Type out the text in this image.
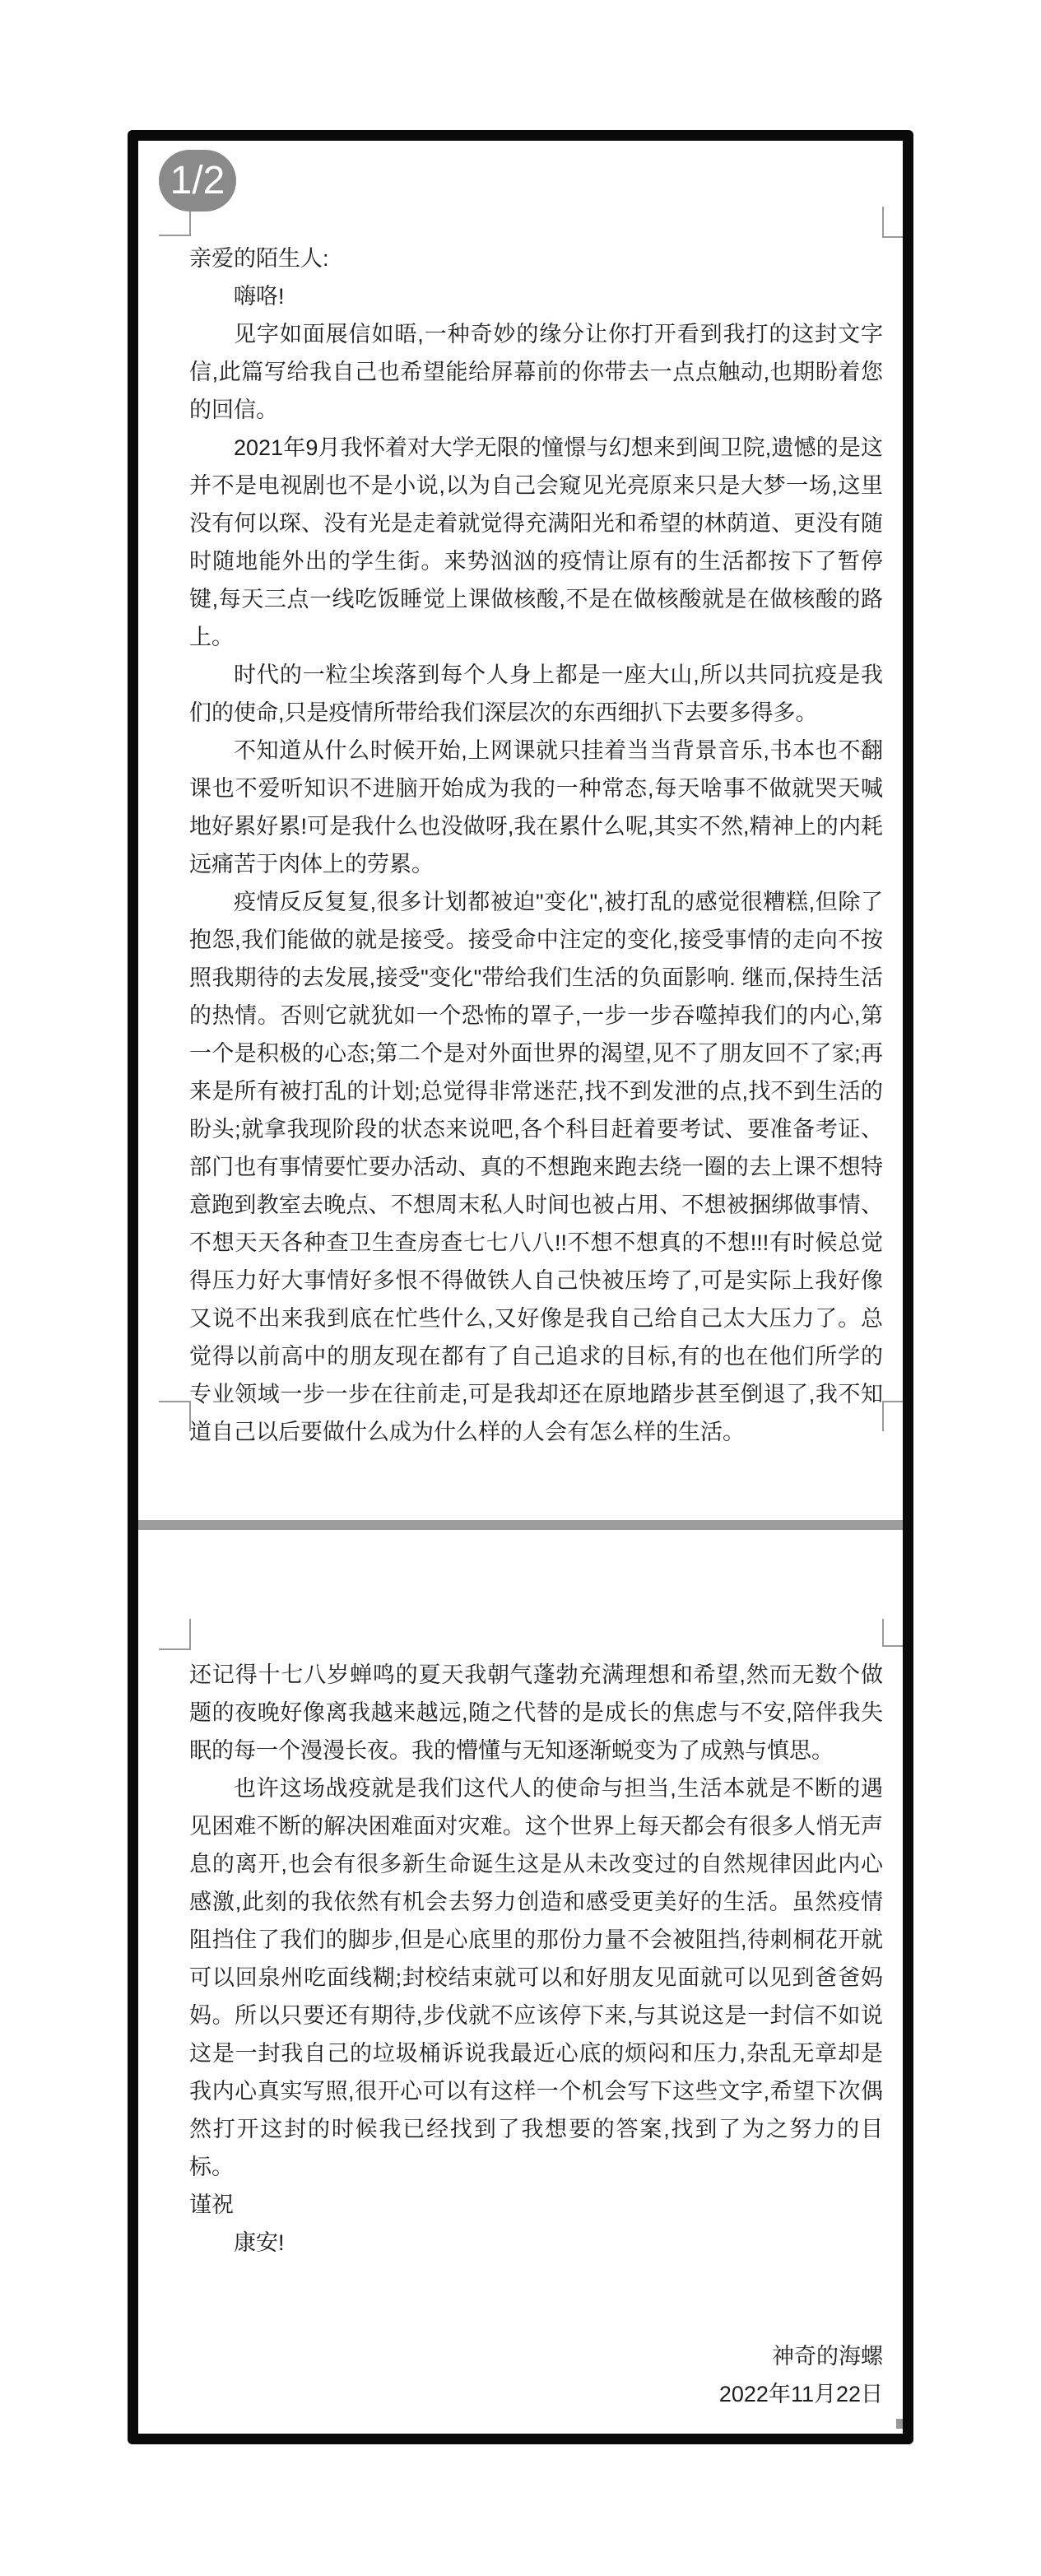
1/2

亲爱的陌生人:

嗨咯!

见字如面展信如晤,一种奇妙的缘分让你打开看到我打的这封文字信,此篇写给我自己也希望能给屏幕前的你带去一点点触动,也期盼着您的回信。

2021年9月我怀着对大学无限的憧憬与幻想来到闽卫院,遗憾的是这并不是电视剧也不是小说,以为自己会窥见光亮原来只是大梦一场,这里没有何以琛、没有光是走着就觉得充满阳光和希望的林荫道、更没有随时随地能外出的学生街。来势汹汹的疫情让原有的生活都按下了暂停键,每天三点一线吃饭睡觉上课做核酸,不是在做核酸就是在做核酸的路上。

时代的一粒尘埃落到每个人身上都是一座大山,所以共同抗疫是我们的使命,只是疫情所带给我们深层次的东西细扒下去要多得多。

不知道从什么时候开始,上网课就只挂着当当背景音乐,书本也不翻课也不爱听知识不进脑开始成为我的一种常态,每天啥事不做就哭天喊地好累好累!可是我什么也没做呀,我在累什么呢,其实不然,精神上的内耗远痛苦于肉体上的劳累。

疫情反反复复,很多计划都被迫"变化",被打乱的感觉很糟糕,但除了抱怨,我们能做的就是接受。接受命中注定的变化,接受事情的走向不按照我期待的去发展,接受"变化"带给我们生活的负面影响. 继而,保持生活的热情。否则它就犹如一个恐怖的罩子,一步一步吞噬掉我们的内心,第一个是积极的心态;第二个是对外面世界的渴望,见不了朋友回不了家;再来是所有被打乱的计划;总觉得非常迷茫,找不到发泄的点,找不到生活的盼头;就拿我现阶段的状态来说吧,各个科目赶着要考试、要准备考证、部门也有事情要忙要办活动、真的不想跑来跑去绕一圈的去上课不想特意跑到教室去晚点、不想周末私人时间也被占用、不想被捆绑做事情、不想天天各种查卫生查房查七七八八!!不想不想真的不想!!!有时候总觉得压力好大事情好多恨不得做铁人自己快被压垮了,可是实际上我好像又说不出来我到底在忙些什么,又好像是我自己给自己太大压力了。总觉得以前高中的朋友现在都有了自己追求的目标,有的也在他们所学的专业领域一步一步在往前走,可是我却还在原地踏步甚至倒退了,我不知道自己以后要做什么成为什么样的人会有怎么样的生活。

还记得十七八岁蝉鸣的夏天我朝气蓬勃充满理想和希望,然而无数个做题的夜晚好像离我越来越远,随之代替的是成长的焦虑与不安,陪伴我失眠的每一个漫漫长夜。我的懵懂与无知逐渐蜕变为了成熟与慎思。

也许这场战疫就是我们这代人的使命与担当,生活本就是不断的遇见困难不断的解决困难面对灾难。这个世界上每天都会有很多人悄无声息的离开,也会有很多新生命诞生这是从未改变过的自然规律因此内心感激,此刻的我依然有机会去努力创造和感受更美好的生活。虽然疫情阻挡住了我们的脚步,但是心底里的那份力量不会被阻挡,待刺桐花开就可以回泉州吃面线糊;封校结束就可以和好朋友见面就可以见到爸爸妈妈。所以只要还有期待,步伐就不应该停下来,与其说这是一封信不如说这是一封我自己的垃圾桶诉说我最近心底的烦闷和压力,杂乱无章却是我内心真实写照,很开心可以有这样一个机会写下这些文字,希望下次偶然打开这封的时候我已经找到了我想要的答案,找到了为之努力的目标。

谨祝

康安!

神奇的海螺

2022年11月22日
